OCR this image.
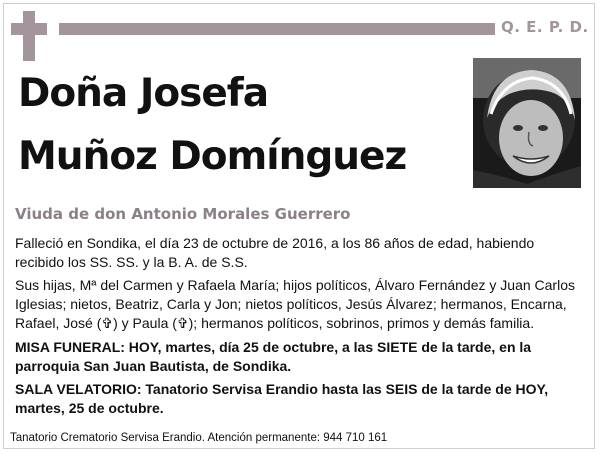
Q. E. P. D.
Doña Josefa
Muñoz Domínguez
Viuda de don Antonio Morales Guerrero
Falleció en Sondika, el día 23 de octubre de 2016, a los 86 años de edad, habiendo recibido los SS. SS. y la B. A. de S.S.
Sus hijas, Mª del Carmen y Rafaela María; hijos políticos, Álvaro Fernández y Juan Carlos Iglesias; nietos, Beatriz, Carla y Jon; nietos políticos, Jesús Álvarez; hermanos, Encarna, Rafael, José (✞) y Paula (✞); hermanos políticos, sobrinos, primos y demás familia.
MISA FUNERAL: HOY, martes, día 25 de octubre, a las SIETE de la tarde, en la parroquia San Juan Bautista, de Sondika.
SALA VELATORIO: Tanatorio Servisa Erandio hasta las SEIS de la tarde de HOY, martes, 25 de octubre.
Tanatorio Crematorio Servisa Erandio. Atención permanente: 944 710 161
